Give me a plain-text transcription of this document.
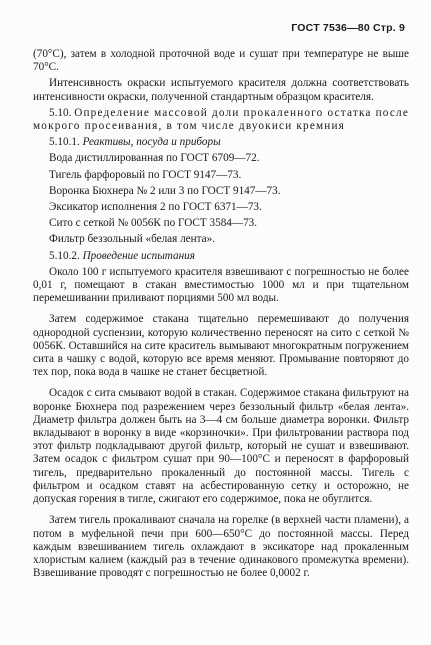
ГОСТ 7536—80 Стр. 9

(70°С), затем в холодной проточной воде и сушат при температуре не выше 70°С.

Интенсивность окраски испытуемого красителя должна соответствовать интенсивности окраски, полученной стандартным образцом красителя.

5.10. Определение массовой доли прокаленного остатка после мокрого просеивания, в том числе двуокиси кремния

5.10.1. Реактивы, посуда и приборы

Вода дистиллированная по ГОСТ 6709—72.
Тигель фарфоровый по ГОСТ 9147—73.
Воронка Бюхнера № 2 или 3 по ГОСТ 9147—73.
Эксикатор исполнения 2 по ГОСТ 6371—73.
Сито с сеткой № 0056К по ГОСТ 3584—73.
Фильтр беззольный «белая лента».

5.10.2. Проведение испытания

Около 100 г испытуемого красителя взвешивают с погрешностью не более 0,01 г, помещают в стакан вместимостью 1000 мл и при тщательном перемешивании приливают порциями 500 мл воды.

Затем содержимое стакана тщательно перемешивают до получения однородной суспензии, которую количественно переносят на сито с сеткой № 0056К. Оставшийся на сите краситель вымывают многократным погружением сита в чашку с водой, которую все время меняют. Промывание повторяют до тех пор, пока вода в чашке не станет бесцветной.

Осадок с сита смывают водой в стакан. Содержимое стакана фильтруют на воронке Бюхнера под разрежением через беззольный фильтр «белая лента». Диаметр фильтра должен быть на 3—4 см больше диаметра воронки. Фильтр вкладывают в воронку в виде «корзиночки». При фильтровании раствора под этот фильтр подкладывают другой фильтр, который не сушат и взвешивают. Затем осадок с фильтром сушат при 90—100°С и переносят в фарфоровый тигель, предварительно прокаленный до постоянной массы. Тигель с фильтром и осадком ставят на асбестированную сетку и осторожно, не допуская горения в тигле, сжигают его содержимое, пока не обуглится.

Затем тигель прокаливают сначала на горелке (в верхней части пламени), а потом в муфельной печи при 600—650°С до постоянной массы. Перед каждым взвешиванием тигель охлаждают в эксикаторе над прокаленным хлористым калием (каждый раз в течение одинакового промежутка времени). Взвешивание проводят с погрешностью не более 0,0002 г.
